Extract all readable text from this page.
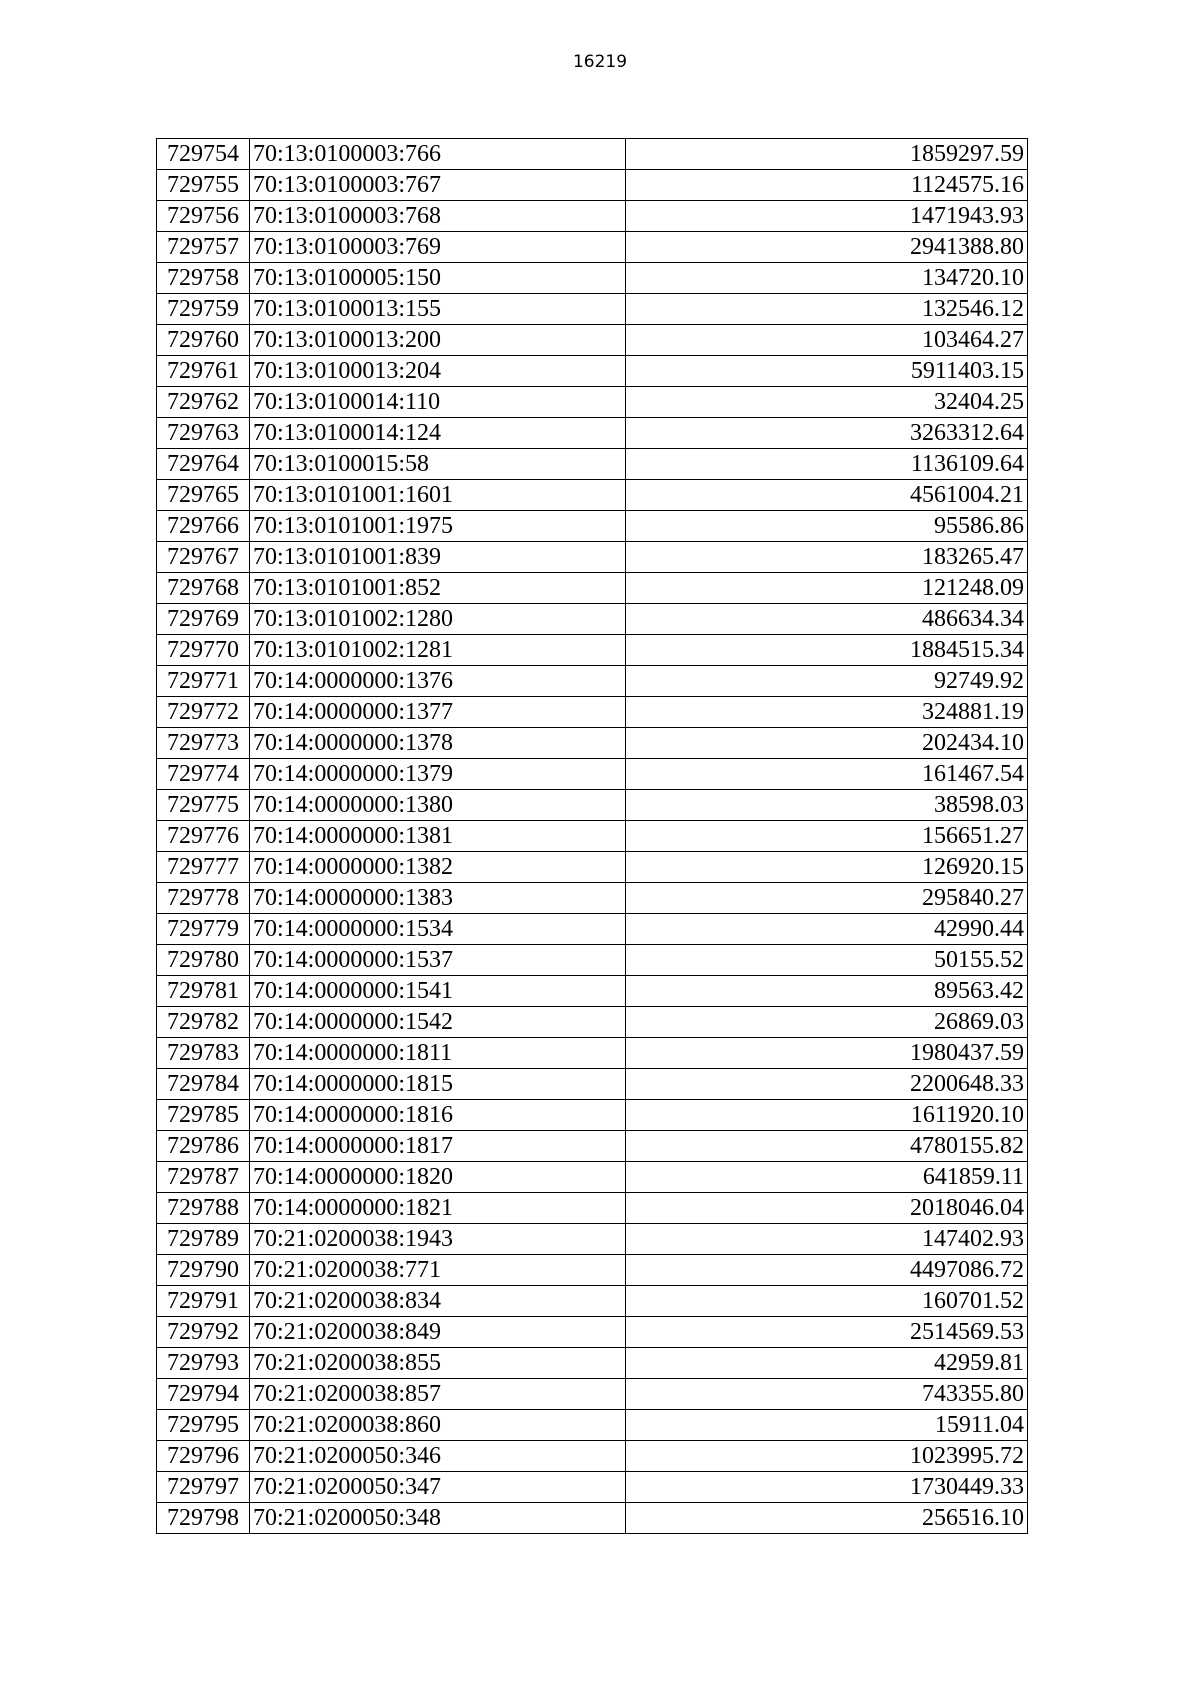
16219
729754	70:13:0100003:766	1859297.59
729755	70:13:0100003:767	1124575.16
729756	70:13:0100003:768	1471943.93
729757	70:13:0100003:769	2941388.80
729758	70:13:0100005:150	134720.10
729759	70:13:0100013:155	132546.12
729760	70:13:0100013:200	103464.27
729761	70:13:0100013:204	5911403.15
729762	70:13:0100014:110	32404.25
729763	70:13:0100014:124	3263312.64
729764	70:13:0100015:58	1136109.64
729765	70:13:0101001:1601	4561004.21
729766	70:13:0101001:1975	95586.86
729767	70:13:0101001:839	183265.47
729768	70:13:0101001:852	121248.09
729769	70:13:0101002:1280	486634.34
729770	70:13:0101002:1281	1884515.34
729771	70:14:0000000:1376	92749.92
729772	70:14:0000000:1377	324881.19
729773	70:14:0000000:1378	202434.10
729774	70:14:0000000:1379	161467.54
729775	70:14:0000000:1380	38598.03
729776	70:14:0000000:1381	156651.27
729777	70:14:0000000:1382	126920.15
729778	70:14:0000000:1383	295840.27
729779	70:14:0000000:1534	42990.44
729780	70:14:0000000:1537	50155.52
729781	70:14:0000000:1541	89563.42
729782	70:14:0000000:1542	26869.03
729783	70:14:0000000:1811	1980437.59
729784	70:14:0000000:1815	2200648.33
729785	70:14:0000000:1816	1611920.10
729786	70:14:0000000:1817	4780155.82
729787	70:14:0000000:1820	641859.11
729788	70:14:0000000:1821	2018046.04
729789	70:21:0200038:1943	147402.93
729790	70:21:0200038:771	4497086.72
729791	70:21:0200038:834	160701.52
729792	70:21:0200038:849	2514569.53
729793	70:21:0200038:855	42959.81
729794	70:21:0200038:857	743355.80
729795	70:21:0200038:860	15911.04
729796	70:21:0200050:346	1023995.72
729797	70:21:0200050:347	1730449.33
729798	70:21:0200050:348	256516.10
